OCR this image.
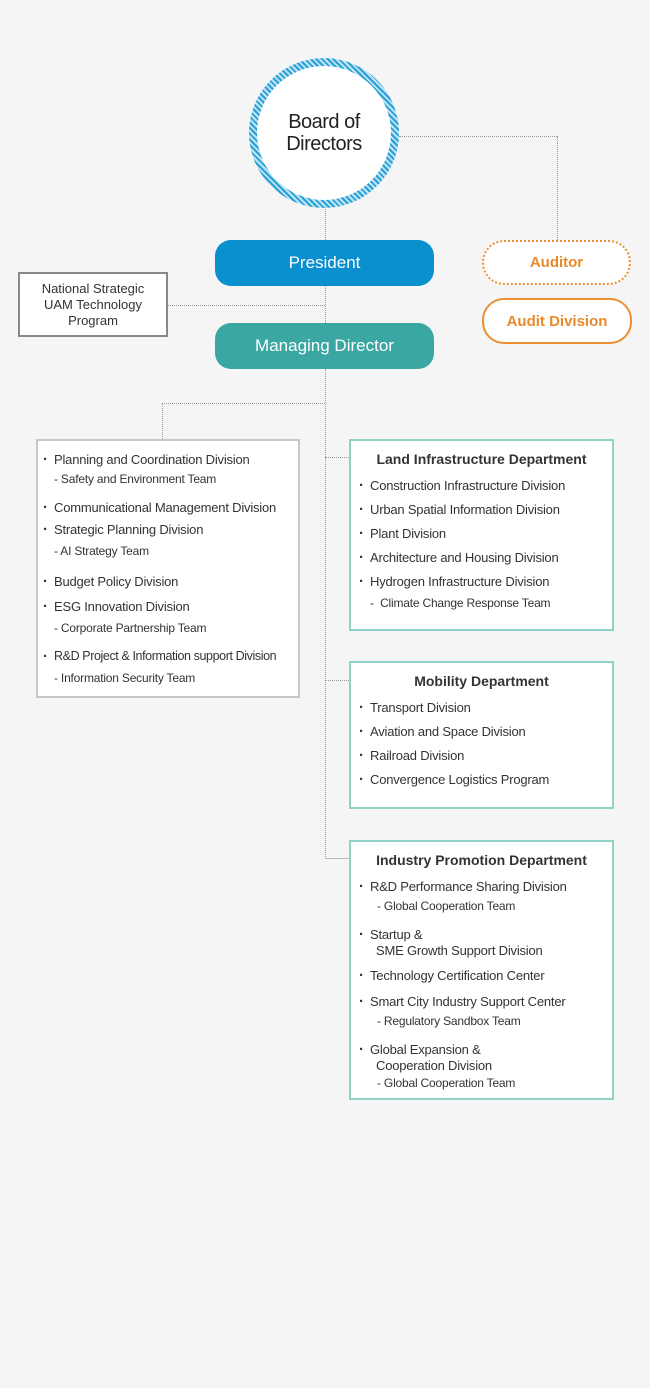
Board of
Directors
President
Managing Director
Auditor
Audit Division
National Strategic
UAM Technology
Program
· Planning and Coordination Division
- Safety and Environment Team
· Communicational Management Division
· Strategic Planning Division
- AI Strategy Team
· Budget Policy Division
· ESG Innovation Division
- Corporate Partnership Team
· R&D Project & Information support Division
- Information Security Team
Land Infrastructure Department
· Construction Infrastructure Division
· Urban Spatial Information Division
· Plant Division
· Architecture and Housing Division
· Hydrogen Infrastructure Division
-  Climate Change Response Team
Mobility Department
· Transport Division
· Aviation and Space Division
· Railroad Division
· Convergence Logistics Program
Industry Promotion Department
· R&D Performance Sharing Division
- Global Cooperation Team
· Startup &
SME Growth Support Division
· Technology Certification Center
· Smart City Industry Support Center
- Regulatory Sandbox Team
· Global Expansion &
Cooperation Division
- Global Cooperation Team
